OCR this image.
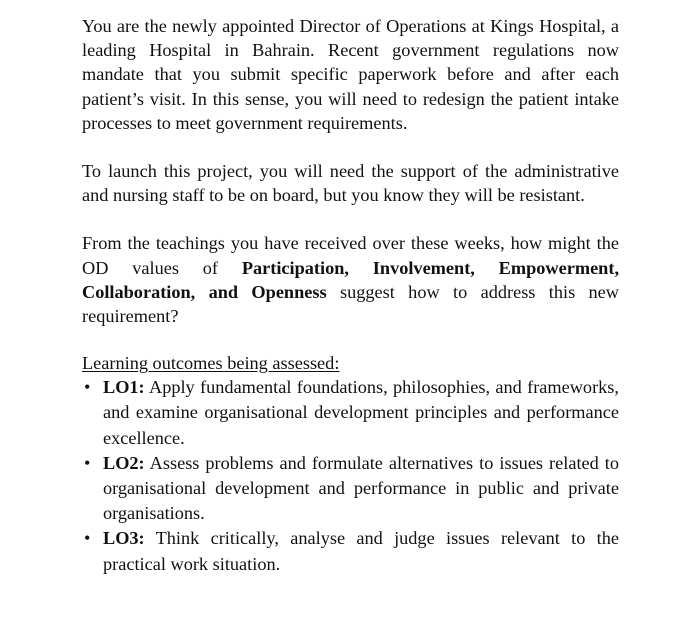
You are the newly appointed Director of Operations at Kings Hospital, a leading Hospital in Bahrain. Recent government regulations now mandate that you submit specific paperwork before and after each patient’s visit. In this sense, you will need to redesign the patient intake processes to meet government requirements.

To launch this project, you will need the support of the administrative and nursing staff to be on board, but you know they will be resistant.

From the teachings you have received over these weeks, how might the OD values of Participation, Involvement, Empowerment, Collaboration, and Openness suggest how to address this new requirement?

Learning outcomes being assessed:
• LO1: Apply fundamental foundations, philosophies, and frameworks, and examine organisational development principles and performance excellence.
• LO2: Assess problems and formulate alternatives to issues related to organisational development and performance in public and private organisations.
• LO3: Think critically, analyse and judge issues relevant to the practical work situation.
